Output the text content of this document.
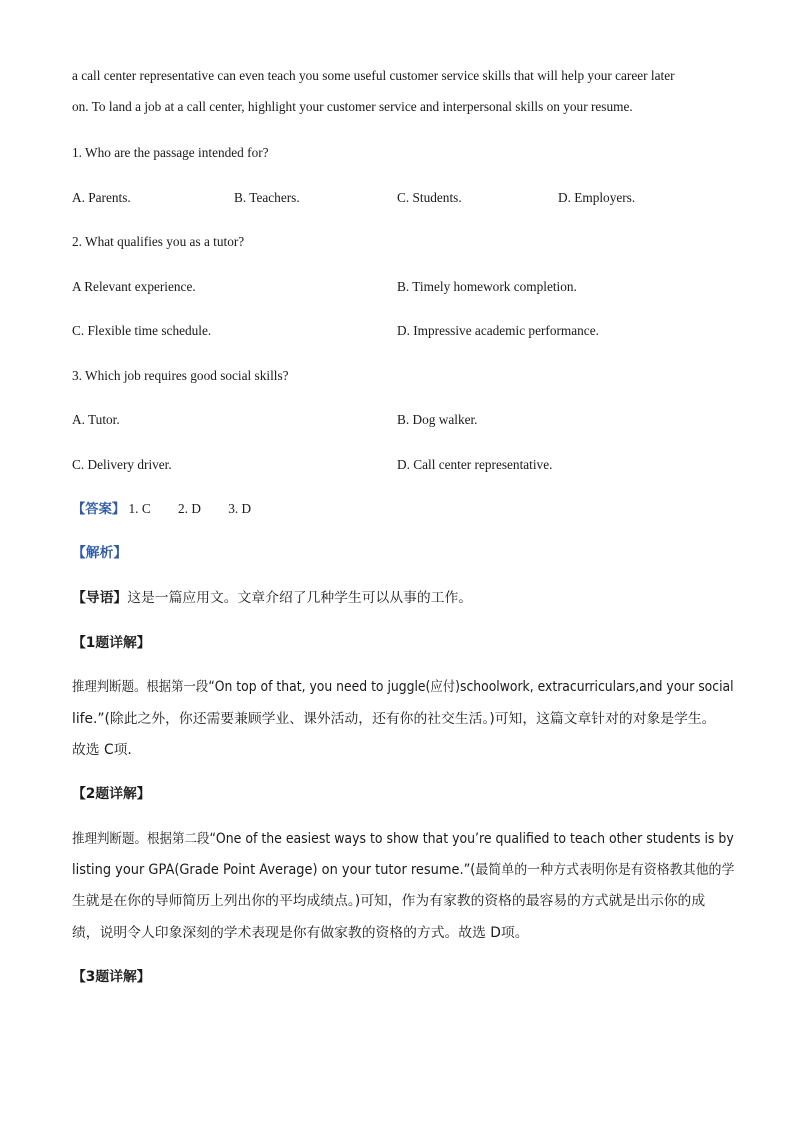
a call center representative can even teach you some useful customer service skills that will help your career later
on. To land a job at a call center, highlight your customer service and interpersonal skills on your resume.
1. Who are the passage intended for?
A. Parents.	B. Teachers.	C. Students.	D. Employers.
2. What qualifies you as a tutor?
A Relevant experience.	B. Timely homework completion.
C. Flexible time schedule.	D. Impressive academic performance.
3. Which job requires good social skills?
A. Tutor.	B. Dog walker.
C. Delivery driver.	D. Call center representative.
【答案】 1. C 2. D 3. D
【解析】
【导语】这是一篇应用文。文章介绍了几种学生可以从事的工作。
【1题详解】
推理判断题。根据第一段“On top of that, you need to juggle(应付)schoolwork, extracurriculars,and your social
life.”(除此之外，你还需要兼顾学业、课外活动，还有你的社交生活。)可知，这篇文章针对的对象是学生。
故选 C项.
【2题详解】
推理判断题。根据第二段“One of the easiest ways to show that you’re qualified to teach other students is by
listing your GPA(Grade Point Average) on your tutor resume.”(最简单的一种方式表明你是有资格教其他的学
生就是在你的导师简历上列出你的平均成绩点。)可知，作为有家教的资格的最容易的方式就是出示你的成
绩，说明令人印象深刻的学术表现是你有做家教的资格的方式。故选 D项。
【3题详解】
